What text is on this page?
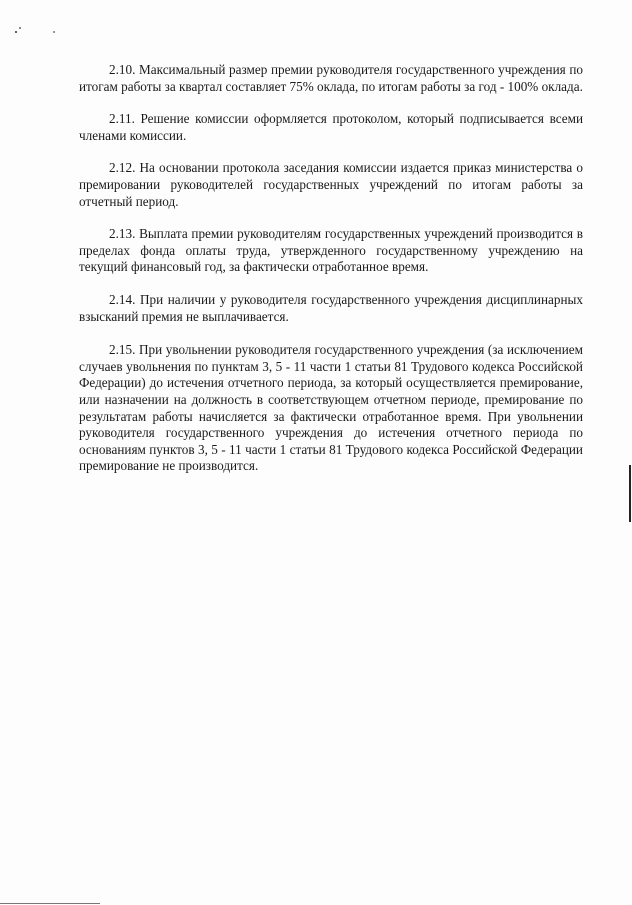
2.10. Максимальный размер премии руководителя государственного учреждения по итогам работы за квартал составляет 75% оклада, по итогам работы за год - 100% оклада.

2.11. Решение комиссии оформляется протоколом, который подписывается всеми членами комиссии.

2.12. На основании протокола заседания комиссии издается приказ министерства о премировании руководителей государственных учреждений по итогам работы за отчетный период.

2.13. Выплата премии руководителям государственных учреждений производится в пределах фонда оплаты труда, утвержденного государственному учреждению на текущий финансовый год, за фактически отработанное время.

2.14. При наличии у руководителя государственного учреждения дисциплинарных взысканий премия не выплачивается.

2.15. При увольнении руководителя государственного учреждения (за исключением случаев увольнения по пунктам 3, 5 - 11 части 1 статьи 81 Трудового кодекса Российской Федерации) до истечения отчетного периода, за который осуществляется премирование, или назначении на должность в соответствующем отчетном периоде, премирование по результатам работы начисляется за фактически отработанное время. При увольнении руководителя государственного учреждения до истечения отчетного периода по основаниям пунктов 3, 5 - 11 части 1 статьи 81 Трудового кодекса Российской Федерации премирование не производится.
